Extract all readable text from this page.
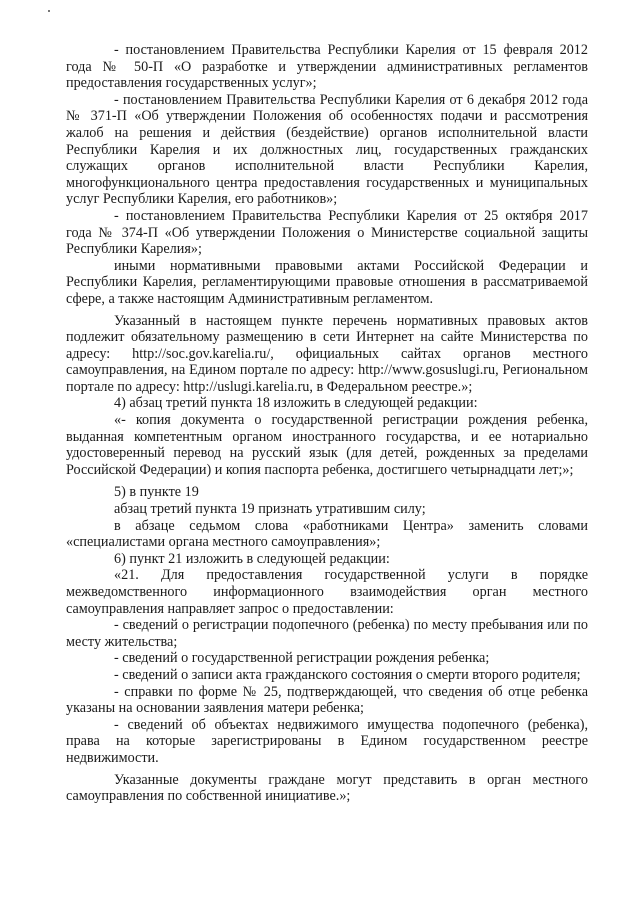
- постановлением Правительства Республики Карелия от 15 февраля 2012 года № 50-П «О разработке и утверждении административных регламентов предоставления государственных услуг»;

- постановлением Правительства Республики Карелия от 6 декабря 2012 года № 371-П «Об утверждении Положения об особенностях подачи и рассмотрения жалоб на решения и действия (бездействие) органов исполнительной власти Республики Карелия и их должностных лиц, государственных гражданских служащих органов исполнительной власти Республики Карелия, многофункционального центра предоставления государственных и муниципальных услуг Республики Карелия, его работников»;

- постановлением Правительства Республики Карелия от 25 октября 2017 года № 374-П «Об утверждении Положения о Министерстве социальной защиты Республики Карелия»;

иными нормативными правовыми актами Российской Федерации и Республики Карелия, регламентирующими правовые отношения в рассматриваемой сфере, а также настоящим Административным регламентом.

Указанный в настоящем пункте перечень нормативных правовых актов подлежит обязательному размещению в сети Интернет на сайте Министерства по адресу: http://soc.gov.karelia.ru/, официальных сайтах органов местного самоуправления, на Едином портале по адресу: http://www.gosuslugi.ru, Региональном портале по адресу: http://uslugi.karelia.ru, в Федеральном реестре.»;

4) абзац третий пункта 18 изложить в следующей редакции:

«- копия документа о государственной регистрации рождения ребенка, выданная компетентным органом иностранного государства, и ее нотариально удостоверенный перевод на русский язык (для детей, рожденных за пределами Российской Федерации) и копия паспорта ребенка, достигшего четырнадцати лет;»;

5) в пункте 19

абзац третий пункта 19 признать утратившим силу;

в абзаце седьмом слова «работниками Центра» заменить словами «специалистами органа местного самоуправления»;

6) пункт 21 изложить в следующей редакции:

«21. Для предоставления государственной услуги в порядке межведомственного информационного взаимодействия орган местного самоуправления направляет запрос о предоставлении:

- сведений о регистрации подопечного (ребенка) по месту пребывания или по месту жительства;

- сведений о государственной регистрации рождения ребенка;

- сведений о записи акта гражданского состояния о смерти второго родителя;

- справки по форме № 25, подтверждающей, что сведения об отце ребенка указаны на основании заявления матери ребенка;

- сведений об объектах недвижимого имущества подопечного (ребенка), права на которые зарегистрированы в Едином государственном реестре недвижимости.

Указанные документы граждане могут представить в орган местного самоуправления по собственной инициативе.»;
